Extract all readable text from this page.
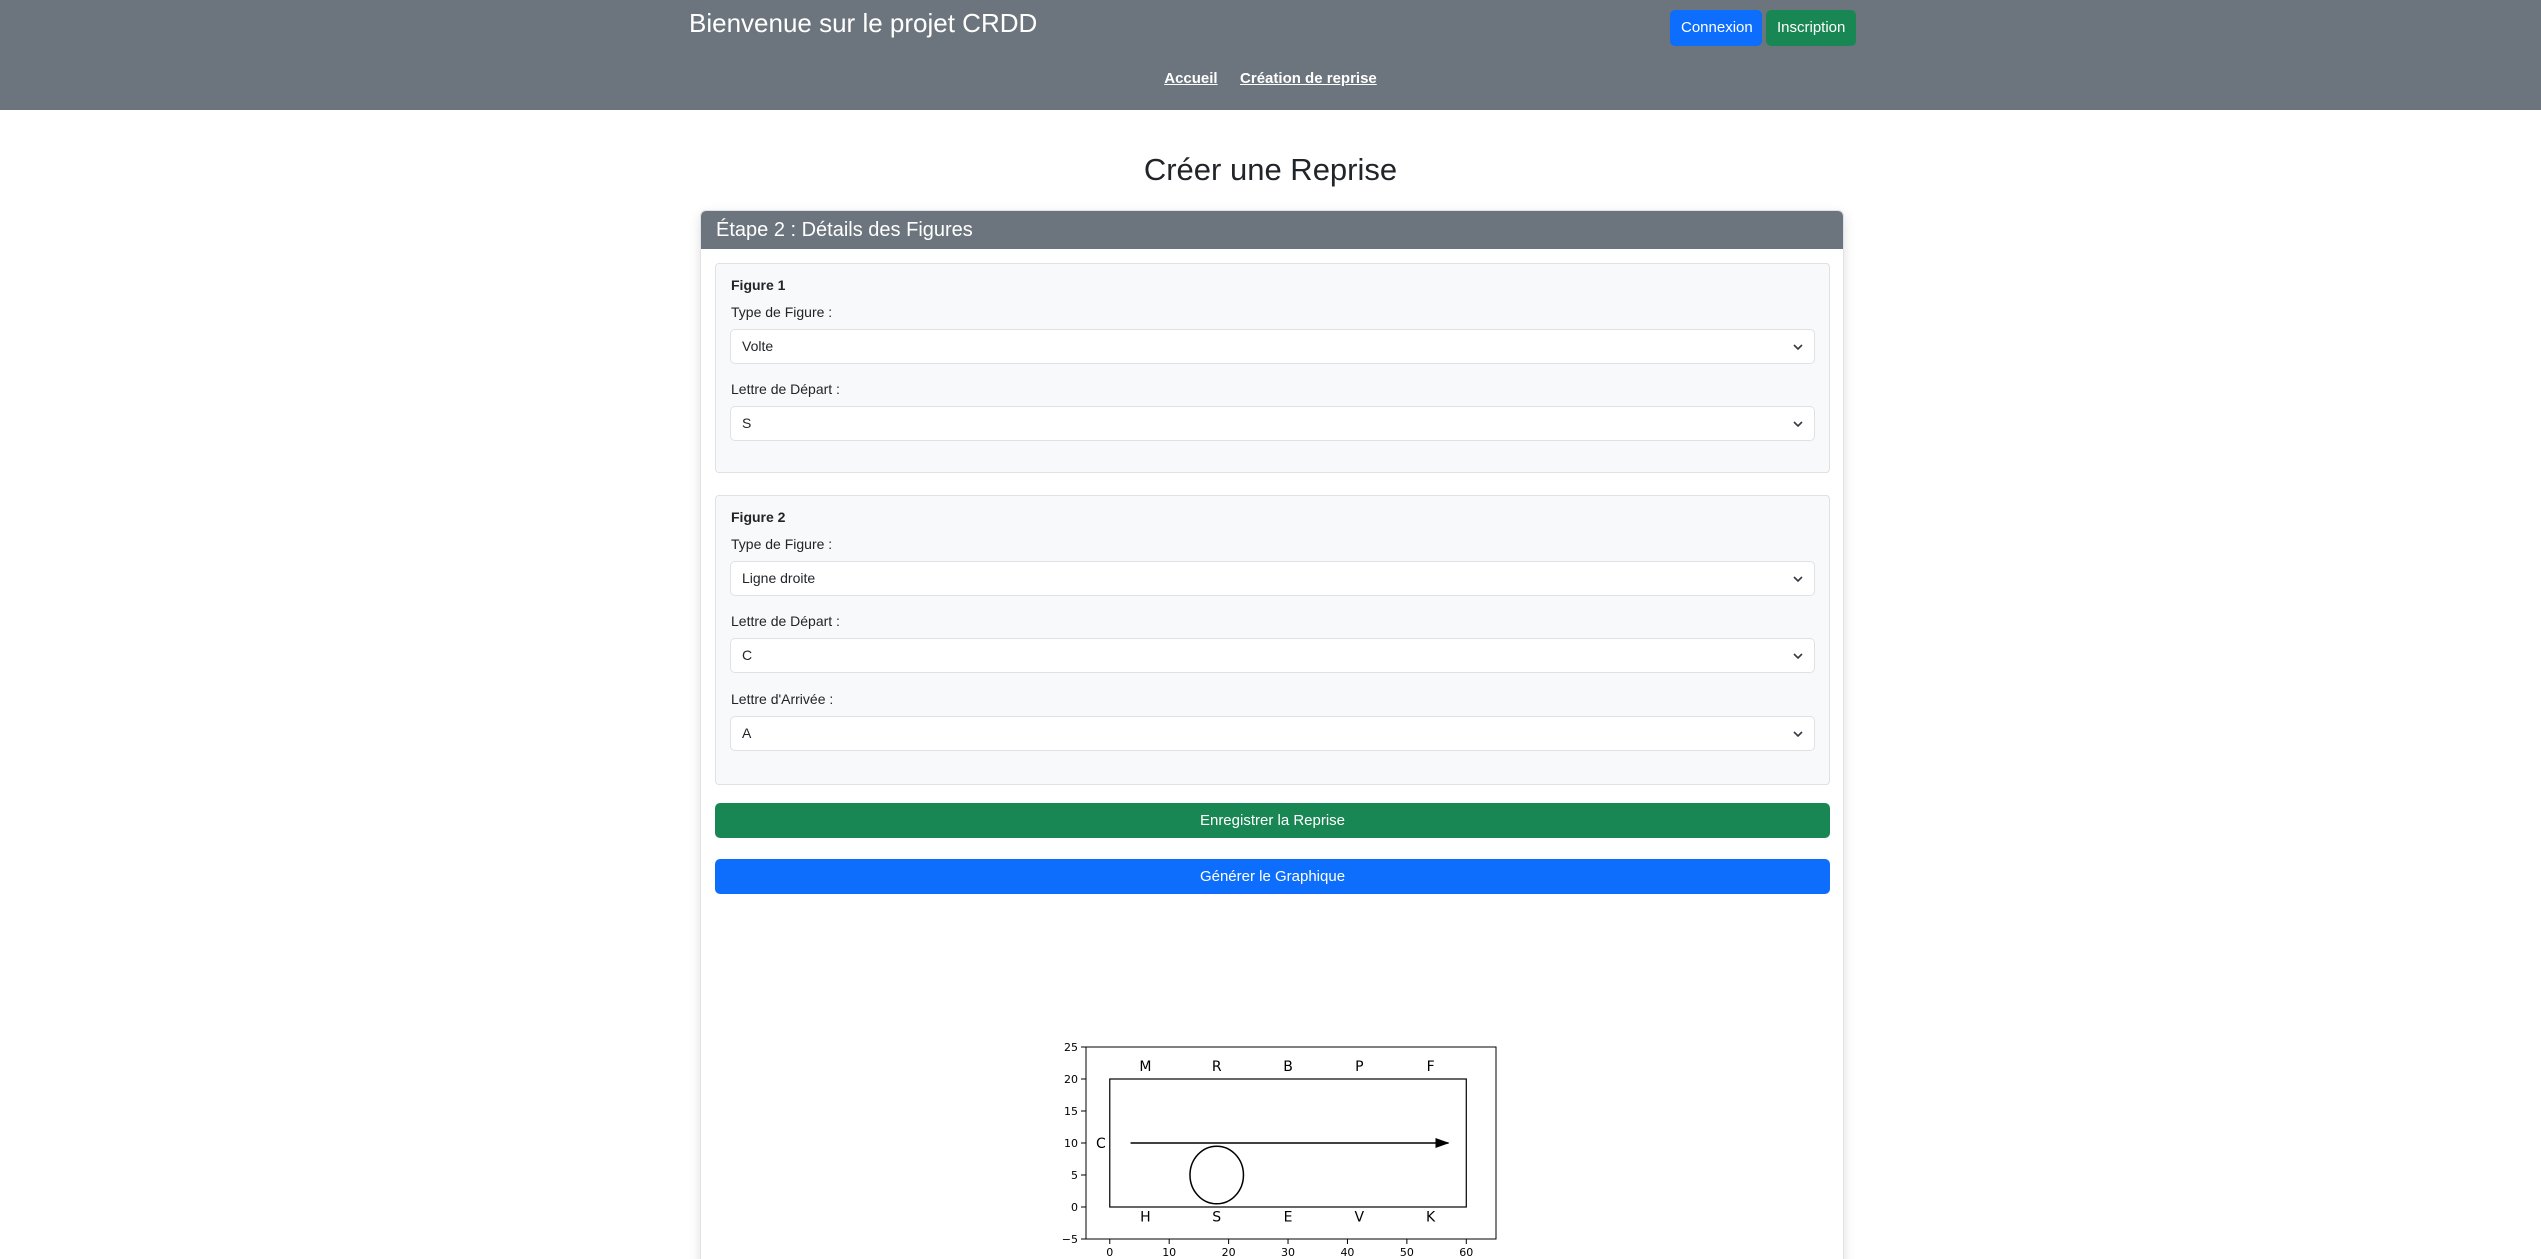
Bienvenue sur le projet CRDD	Connexion	Inscription
Accueil Création de reprise
Créer une Reprise
Étape 2 : Détails des Figures
Figure 1
Type de Figure :
Volte
Lettre de Départ :
S
Figure 2
Type de Figure :
Ligne droite
Lettre de Départ :
C
Lettre d'Arrivée :
A
Enregistrer la Reprise
Générer le Graphique
0	10	20	30	40	50	60
−5
0
5
10
15
20
25
M	R	B	P	F
H	S	E	V	K
C
